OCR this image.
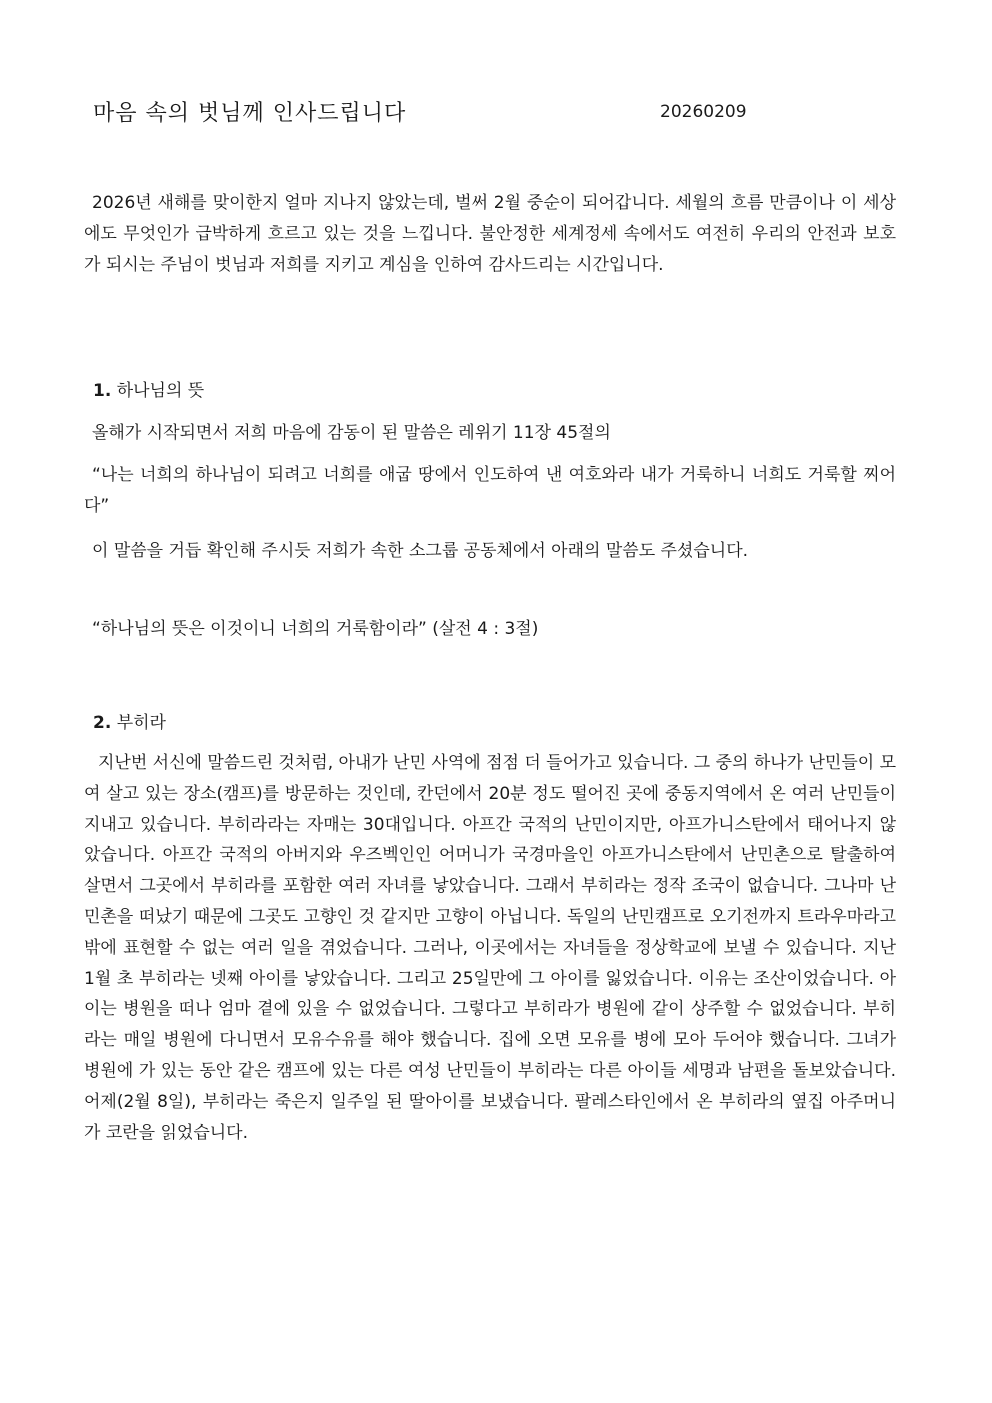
마음 속의 벗님께 인사드립니다	20260209

2026년 새해를 맞이한지 얼마 지나지 않았는데, 벌써 2월 중순이 되어갑니다. 세월의 흐름 만큼이나 이 세상에도 무엇인가 급박하게 흐르고 있는 것을 느낍니다. 불안정한 세계정세 속에서도 여전히 우리의 안전과 보호가 되시는 주님이 벗님과 저희를 지키고 계심을 인하여 감사드리는 시간입니다.

1. 하나님의 뜻

올해가 시작되면서 저희 마음에 감동이 된 말씀은 레위기 11장 45절의

“나는 너희의 하나님이 되려고 너희를 애굽 땅에서 인도하여 낸 여호와라 내가 거룩하니 너희도 거룩할 찌어다”

이 말씀을 거듭 확인해 주시듯 저희가 속한 소그룹 공동체에서 아래의 말씀도 주셨습니다.

“하나님의 뜻은 이것이니 너희의 거룩함이라” (살전 4 : 3절)

2. 부히라

지난번 서신에 말씀드린 것처럼, 아내가 난민 사역에 점점 더 들어가고 있습니다. 그 중의 하나가 난민들이 모여 살고 있는 장소(캠프)를 방문하는 것인데, 칸던에서 20분 정도 떨어진 곳에 중동지역에서 온 여러 난민들이 지내고 있습니다. 부히라라는 자매는 30대입니다. 아프간 국적의 난민이지만, 아프가니스탄에서 태어나지 않았습니다. 아프간 국적의 아버지와 우즈벡인인 어머니가 국경마을인 아프가니스탄에서 난민촌으로 탈출하여 살면서 그곳에서 부히라를 포함한 여러 자녀를 낳았습니다. 그래서 부히라는 정작 조국이 없습니다. 그나마 난민촌을 떠났기 때문에 그곳도 고향인 것 같지만 고향이 아닙니다. 독일의 난민캠프로 오기전까지 트라우마라고 밖에 표현할 수 없는 여러 일을 겪었습니다. 그러나, 이곳에서는 자녀들을 정상학교에 보낼 수 있습니다. 지난 1월 초 부히라는 넷째 아이를 낳았습니다. 그리고 25일만에 그 아이를 잃었습니다. 이유는 조산이었습니다. 아이는 병원을 떠나 엄마 곁에 있을 수 없었습니다. 그렇다고 부히라가 병원에 같이 상주할 수 없었습니다. 부히라는 매일 병원에 다니면서 모유수유를 해야 했습니다. 집에 오면 모유를 병에 모아 두어야 했습니다. 그녀가 병원에 가 있는 동안 같은 캠프에 있는 다른 여성 난민들이 부히라는 다른 아이들 세명과 남편을 돌보았습니다. 어제(2월 8일), 부히라는 죽은지 일주일 된 딸아이를 보냈습니다. 팔레스타인에서 온 부히라의 옆집 아주머니가 코란을 읽었습니다.
